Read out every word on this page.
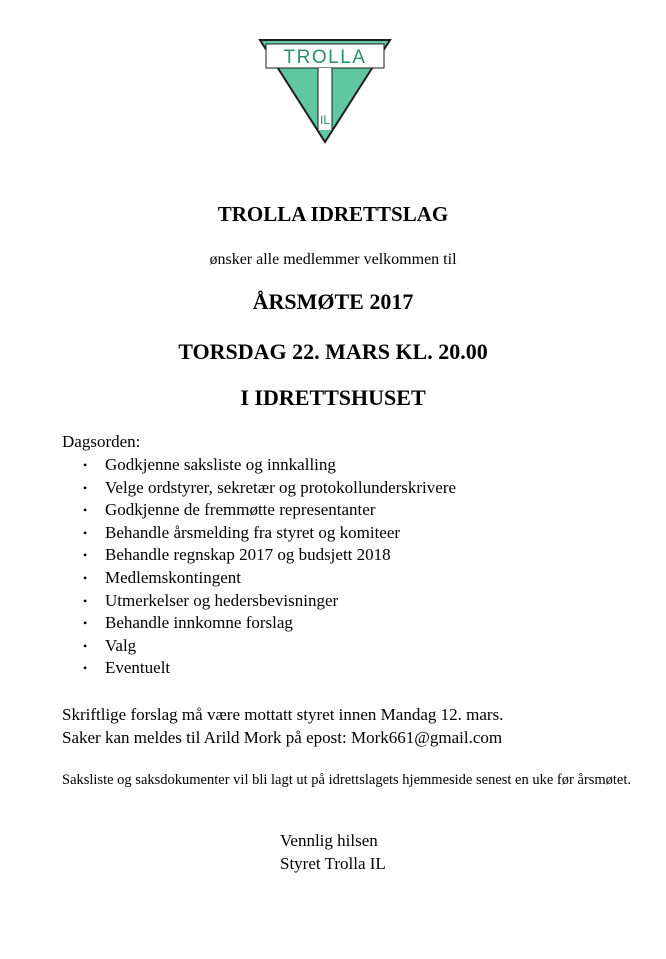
TROLLA
IL
TROLLA IDRETTSLAG

ønsker alle medlemmer velkommen til

ÅRSMØTE 2017

TORSDAG 22. MARS KL. 20.00

I IDRETTSHUSET

Dagsorden:

• Godkjenne saksliste og innkalling
• Velge ordstyrer, sekretær og protokollunderskrivere
• Godkjenne de fremmøtte representanter
• Behandle årsmelding fra styret og komiteer
• Behandle regnskap 2017 og budsjett 2018
• Medlemskontingent
• Utmerkelser og hedersbevisninger
• Behandle innkomne forslag
• Valg
• Eventuelt
Skriftlige forslag må være mottatt styret innen Mandag 12. mars.
Saker kan meldes til Arild Mork på epost: Mork661@gmail.com

Saksliste og saksdokumenter vil bli lagt ut på idrettslagets hjemmeside senest en uke før årsmøtet.

Vennlig hilsen
Styret Trolla IL
